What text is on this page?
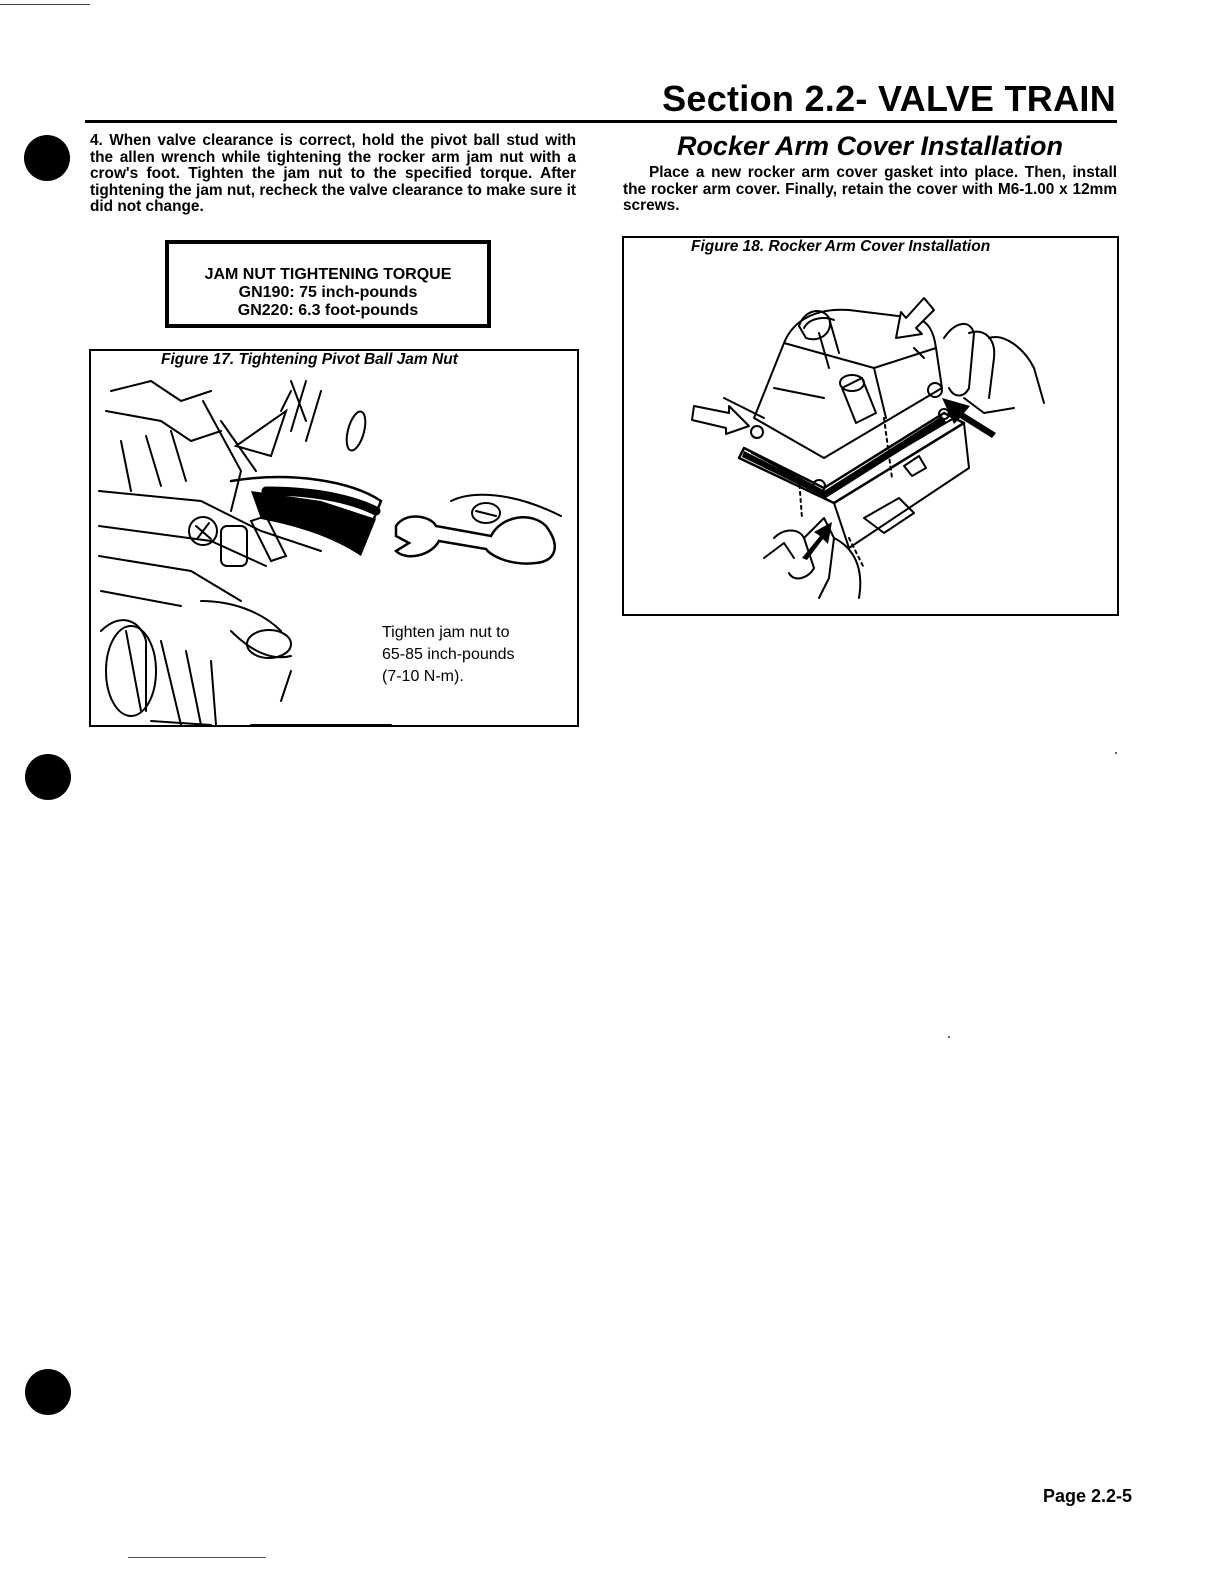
Section 2.2- VALVE TRAIN

4. When valve clearance is correct, hold the pivot ball stud with the allen wrench while tightening the rocker arm jam nut with a crow's foot. Tighten the jam nut to the specified torque. After tightening the jam nut, recheck the valve clearance to make sure it did not change.

JAM NUT TIGHTENING TORQUE
GN190: 75 inch-pounds
GN220: 6.3 foot-pounds
Figure 17. Tightening Pivot Ball Jam Nut
Tighten jam nut to
65-85 inch-pounds
(7-10 N-m).
Rocker Arm Cover Installation

Place a new rocker arm cover gasket into place. Then, install the rocker arm cover. Finally, retain the cover with M6-1.00 x 12mm screws.

Figure 18. Rocker Arm Cover Installation
Page 2.2-5
